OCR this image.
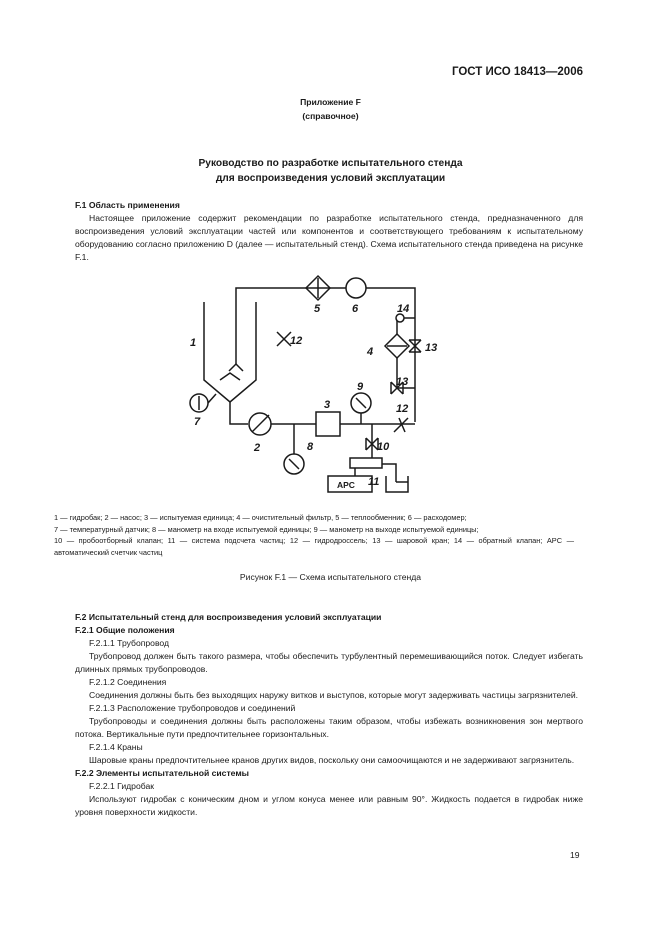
ГОСТ ИСО 18413—2006
Приложение F
(справочное)
Руководство по разработке испытательного стенда
для воспроизведения условий эксплуатации

F.1 Область применения

Настоящее приложение содержит рекомендации по разработке испытательного стенда, предназначенного для воспроизведения условий эксплуатации частей или компонентов и соответствующего требованиям к испытательному оборудованию согласно приложению D (далее — испытательный стенд). Схема испытательного стенда приведена на рисунке F.1.

1
2
3
4
5	6
7
8
9
10
11
12
12
13
13
14
APC
1 — гидробак; 2 — насос; 3 — испытуемая единица; 4 — очистительный фильтр, 5 — теплообменник; 6 — расходомер;
7 — температурный датчик; 8 — манометр на входе испытуемой единицы; 9 — манометр на выходе испытуемой единицы;
10 — пробоотборный клапан; 11 — система подсчета частиц; 12 — гидродроссель; 13 — шаровой кран; 14 — обратный клапан; APC — автоматический счетчик частиц
Рисунок F.1 — Схема испытательного стенда

F.2 Испытательный стенд для воспроизведения условий эксплуатации

F.2.1 Общие положения

F.2.1.1 Трубопровод

Трубопровод должен быть такого размера, чтобы обеспечить турбулентный перемешивающийся поток. Следует избегать длинных прямых трубопроводов.

F.2.1.2 Соединения

Соединения должны быть без выходящих наружу витков и выступов, которые могут задерживать частицы загрязнителей.

F.2.1.3 Расположение трубопроводов и соединений

Трубопроводы и соединения должны быть расположены таким образом, чтобы избежать возникновения зон мертвого потока. Вертикальные пути предпочтительнее горизонтальных.

F.2.1.4 Краны

Шаровые краны предпочтительнее кранов других видов, поскольку они самоочищаются и не задерживают загрязнитель.

F.2.2 Элементы испытательной системы

F.2.2.1 Гидробак

Используют гидробак с коническим дном и углом конуса менее или равным 90°. Жидкость подается в гидробак ниже уровня поверхности жидкости.

19
